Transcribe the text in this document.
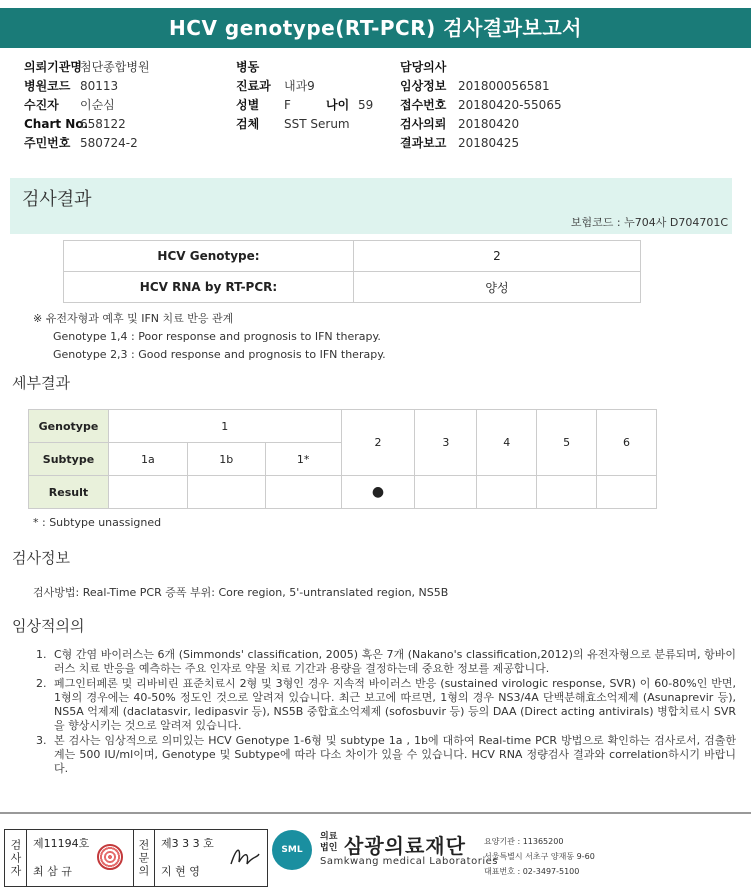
HCV genotype(RT-PCR) 검사결과보고서
의뢰기관명첨단종합병원
병원코드 80113
수진자 이순심
Chart No.658122
주민번호 580724-2
병동
진료과 내과9
성별 F	나이 59
검체 SST Serum
담당의사
임상정보 201800056581
접수번호 20180420-55065
검사의뢰 20180420
결과보고 20180425
검사결과
보험코드 : 누704사 D704701C
HCV Genotype:	2
HCV RNA by RT-PCR:	양성
※ 유전자형과 예후 및 IFN 치료 반응 관계
Genotype 1,4 : Poor response and prognosis to IFN therapy.
Genotype 2,3 : Good response and prognosis to IFN therapy.
세부결과
Genotype	1			2	3	4	5	6
Subtype	1a	1b	1*					
Result				●				
* : Subtype unassigned
검사정보
검사방법: Real-Time PCR 증폭 부위: Core region, 5'-untranslated region, NS5B
임상적의의
1. C형 간염 바이러스는 6개 (Simmonds' classification, 2005) 혹은 7개 (Nakano's classification,2012)의 유전자형으로 분류되며, 항바이러스 치료 반응을 예측하는 주요 인자로 약물 치료 기간과 용량을 결정하는데 중요한 정보를 제공합니다.
2. 페그인터페론 및 리바비린 표준치료시 2형 및 3형인 경우 지속적 바이러스 반응 (sustained virologic response, SVR) 이 60-80%인 반면, 1형의 경우에는 40-50% 정도인 것으로 알려져 있습니다. 최근 보고에 따르면, 1형의 경우 NS3/4A 단백분해효소억제제 (Asunaprevir 등), NS5A 억제제 (daclatasvir, ledipasvir 등), NS5B 중합효소억제제 (sofosbuvir 등) 등의 DAA (Direct acting antivirals) 병합치료시 SVR을 향상시키는 것으로 알려져 있습니다.
3. 본 검사는 임상적으로 의미있는 HCV Genotype 1-6형 및 subtype 1a , 1b에 대하여 Real-time PCR 방법으로 확인하는 검사로서, 검출한계는 500 IU/ml이며, Genotype 및 Subtype에 따라 다소 차이가 있을 수 있습니다. HCV RNA 정량검사 결과와 correlation하시기 바랍니다.
검사자	제11194호
최 삼 규	전문의	제3 3 3 호
지 현 영
SML
의료
법인 삼광의료재단
Samkwang medical Laboratories
요양기관 : 11365200
서울특별시 서초구 양재동 9-60
대표번호 : 02-3497-5100
